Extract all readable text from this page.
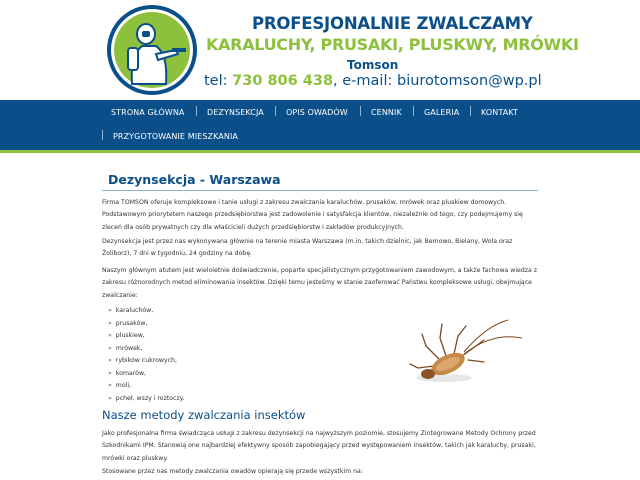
PROFESJONALNIE ZWALCZAMY
KARALUCHY, PRUSAKI, PLUSKWY, MRÓWKI
Tomson
tel: 730 806 438, e-mail: biurotomson@wp.pl
STRONA GŁÓWNA	DEZYNSEKCJA	OPIS OWADÓW	CENNIK	GALERIA	KONTAKT
PRZYGOTOWANIE MIESZKANIA
Dezynsekcja - Warszawa
Firma TOMSON oferuje kompleksowe i tanie usługi z zakresu zwalczania karaluchów, prusaków, mrówek oraz pluskiew domowych. Podstawowym priorytetem naszego przedsiębiorstwa jest zadowolenie i satysfakcja klientów, niezależnie od tego, czy podejmujemy się zleceń dla osób prywatnych czy dla właścicieli dużych przedsiębiorstw i zakładów produkcyjnych.
Dezynsekcja jest przez nas wykonywana głównie na terenie miasta Warszawa (m.in. takich dzielnic, jak Bemowo, Bielany, Wola oraz Żoliborz), 7 dni w tygodniu, 24 godziny na dobę.
Naszym głównym atutem jest wieloletnie doświadczenie, poparte specjalistycznym przygotowaniem zawodowym, a także fachowa wiedza z zakresu różnorodnych metod eliminowania insektów. Dzięki temu jesteśmy w stanie zaoferować Państwu kompleksowe usługi, obejmujące zwalczanie:
» karaluchów,
» prusaków,
» pluskiew,
» mrówek,
» rybików cukrowych,
» komarów,
» moli,
» pcheł, wszy i roztoczy.
Nasze metody zwalczania insektów
Jako profesjonalna firma świadcząca usługi z zakresu dezynsekcji na najwyższym poziomie, stosujemy Zintegrowane Metody Ochrony przed Szkodnikami IPM. Stanowią one najbardziej efektywny sposób zapobiegający przed występowaniem insektów, takich jak karaluchy, prusaki, mrówki oraz pluskwy.
Stosowane przez nas metody zwalczania owadów opierają się przede wszystkim na:
